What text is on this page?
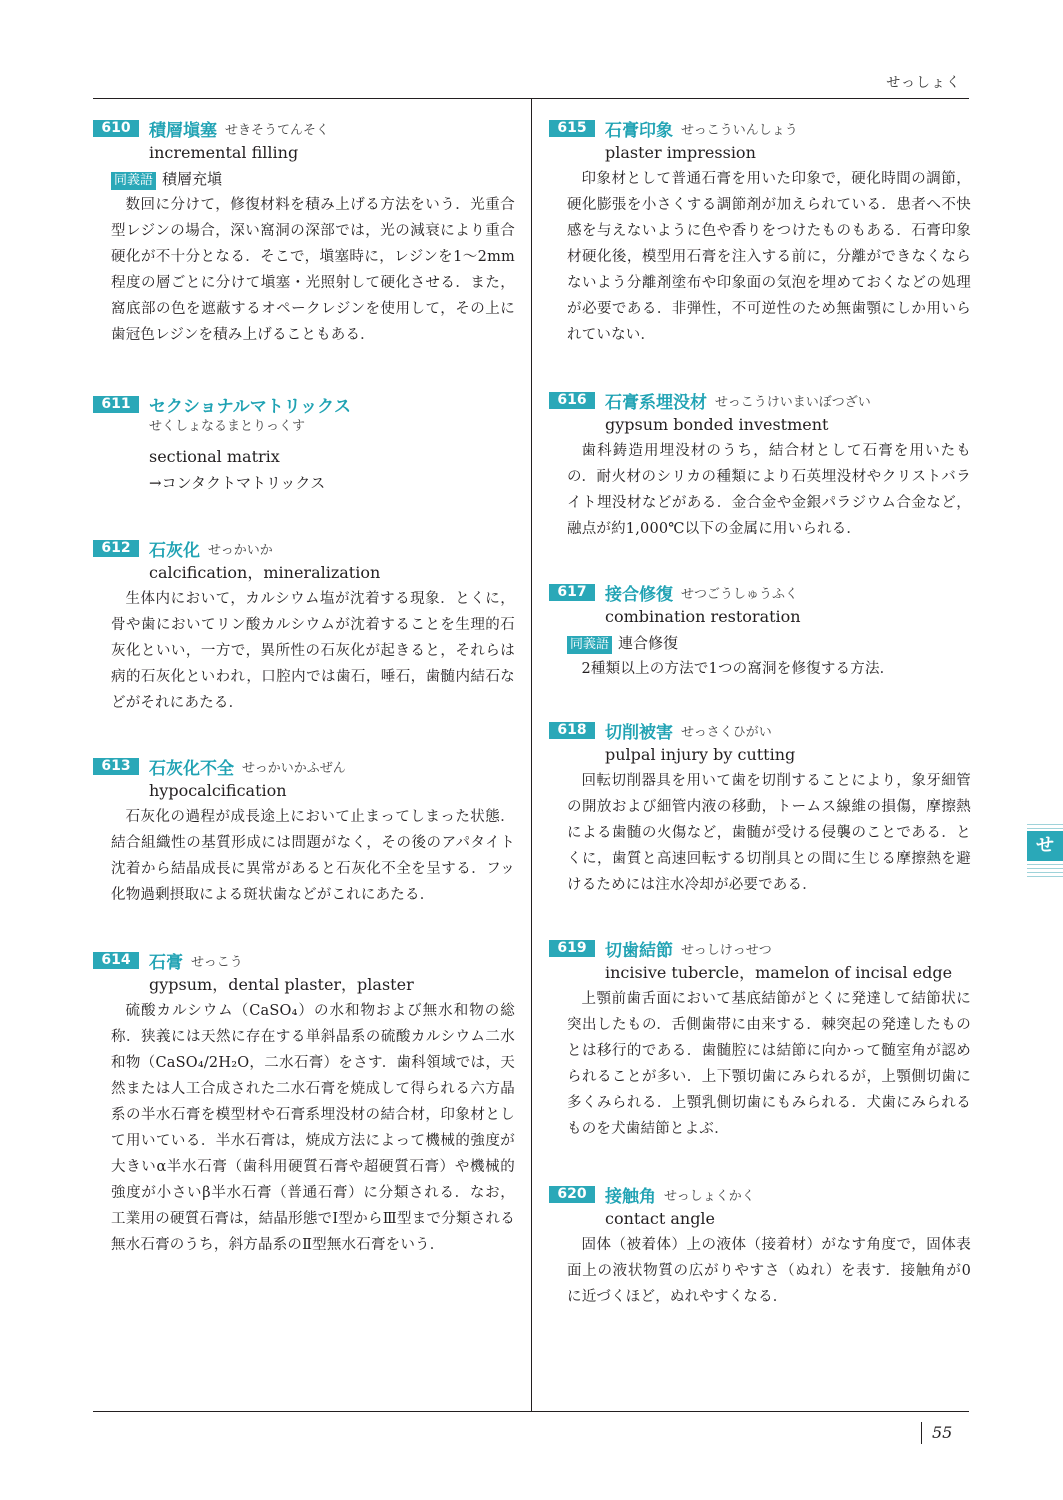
せっしょく
610	積層塡塞 せきそうてんそく
incremental filling
同義語 積層充塡

数回に分けて，修復材料を積み上げる方法をいう．光重合型レジンの場合，深い窩洞の深部では，光の減衰により重合硬化が不十分となる．そこで，塡塞時に，レジンを1〜2mm程度の層ごとに分けて塡塞・光照射して硬化させる．また，窩底部の色を遮蔽するオペークレジンを使用して，その上に歯冠色レジンを積み上げることもある．

611	セクショナルマトリックス
せくしょなるまとりっくす
sectional matrix
→コンタクトマトリックス
612	石灰化 せっかいか
calcification，mineralization

生体内において，カルシウム塩が沈着する現象．とくに，骨や歯においてリン酸カルシウムが沈着することを生理的石灰化といい，一方で，異所性の石灰化が起きると，それらは病的石灰化といわれ，口腔内では歯石，唾石，歯髄内結石などがそれにあたる．

613	石灰化不全 せっかいかふぜん
hypocalcification

石灰化の過程が成長途上において止まってしまった状態．結合組織性の基質形成には問題がなく，その後のアパタイト沈着から結晶成長に異常があると石灰化不全を呈する．フッ化物過剰摂取による斑状歯などがこれにあたる．

614	石膏 せっこう
gypsum，dental plaster，plaster

硫酸カルシウム（CaSO₄）の水和物および無水和物の総称．狭義には天然に存在する単斜晶系の硫酸カルシウム二水和物（CaSO₄/2H₂O，二水石膏）をさす．歯科領域では，天然または人工合成された二水石膏を焼成して得られる六方晶系の半水石膏を模型材や石膏系埋没材の結合材，印象材として用いている．半水石膏は，焼成方法によって機械的強度が大きいα半水石膏（歯科用硬質石膏や超硬質石膏）や機械的強度が小さいβ半水石膏（普通石膏）に分類される．なお，工業用の硬質石膏は，結晶形態でⅠ型からⅢ型まで分類される無水石膏のうち，斜方晶系のⅡ型無水石膏をいう．

615	石膏印象 せっこういんしょう
plaster impression

印象材として普通石膏を用いた印象で，硬化時間の調節，硬化膨張を小さくする調節剤が加えられている．患者へ不快感を与えないように色や香りをつけたものもある．石膏印象材硬化後，模型用石膏を注入する前に，分離ができなくならないよう分離剤塗布や印象面の気泡を埋めておくなどの処理が必要である．非弾性，不可逆性のため無歯顎にしか用いられていない．

616	石膏系埋没材 せっこうけいまいぼつざい
gypsum bonded investment

歯科鋳造用埋没材のうち，結合材として石膏を用いたもの．耐火材のシリカの種類により石英埋没材やクリストバライト埋没材などがある．金合金や金銀パラジウム合金など，融点が約1,000℃以下の金属に用いられる．

617	接合修復 せつごうしゅうふく
combination restoration
同義語 連合修復

2種類以上の方法で1つの窩洞を修復する方法．

618	切削被害 せっさくひがい
pulpal injury by cutting

回転切削器具を用いて歯を切削することにより，象牙細管の開放および細管内液の移動，トームス線維の損傷，摩擦熱による歯髄の火傷など，歯髄が受ける侵襲のことである．とくに，歯質と高速回転する切削具との間に生じる摩擦熱を避けるためには注水冷却が必要である．

619	切歯結節 せっしけっせつ
incisive tubercle，mamelon of incisal edge

上顎前歯舌面において基底結節がとくに発達して結節状に突出したもの．舌側歯帯に由来する．棘突起の発達したものとは移行的である．歯髄腔には結節に向かって髄室角が認められることが多い．上下顎切歯にみられるが，上顎側切歯に多くみられる．上顎乳側切歯にもみられる．犬歯にみられるものを犬歯結節とよぶ．

620	接触角 せっしょくかく
contact angle

固体（被着体）上の液体（接着材）がなす角度で，固体表面上の液状物質の広がりやすさ（ぬれ）を表す．接触角が0に近づくほど，ぬれやすくなる．

せ
55
